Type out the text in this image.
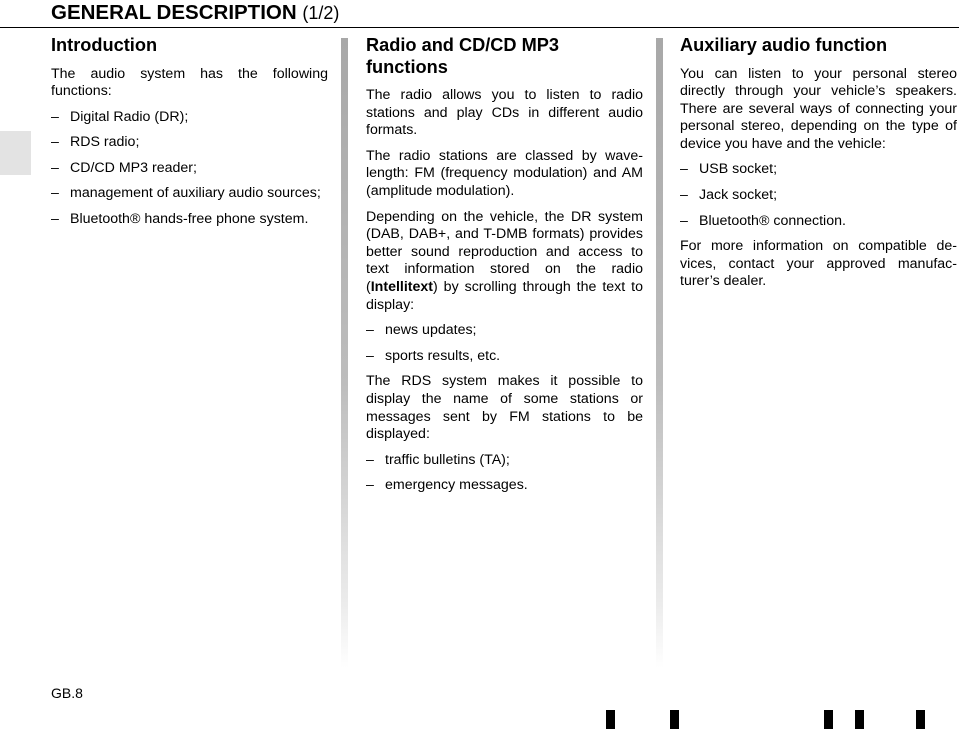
GENERAL DESCRIPTION (1/2)
Introduction

The audio system has the following functions:

– Digital Radio (DR);
– RDS radio;
– CD/CD MP3 reader;
– management of auxiliary audio sources;
– Bluetooth® hands-free phone system.
Radio and CD/CD MP3 functions

The radio allows you to listen to radio stations and play CDs in different audio formats.

The radio stations are classed by wavelength: FM (frequency modulation) and AM (amplitude modulation).

Depending on the vehicle, the DR system (DAB, DAB+, and T-DMB formats) provides better sound reproduction and access to text information stored on the radio (Intellitext) by scrolling through the text to display:

– news updates;
– sports results, etc.

The RDS system makes it possible to display the name of some stations or messages sent by FM stations to be displayed:

– traffic bulletins (TA);
– emergency messages.
Auxiliary audio function

You can listen to your personal stereo directly through your vehicle’s speakers. There are several ways of connecting your personal stereo, depending on the type of device you have and the vehicle:

– USB socket;
– Jack socket;
– Bluetooth® connection.

For more information on compatible devices, contact your approved manufacturer’s dealer.

GB.8
